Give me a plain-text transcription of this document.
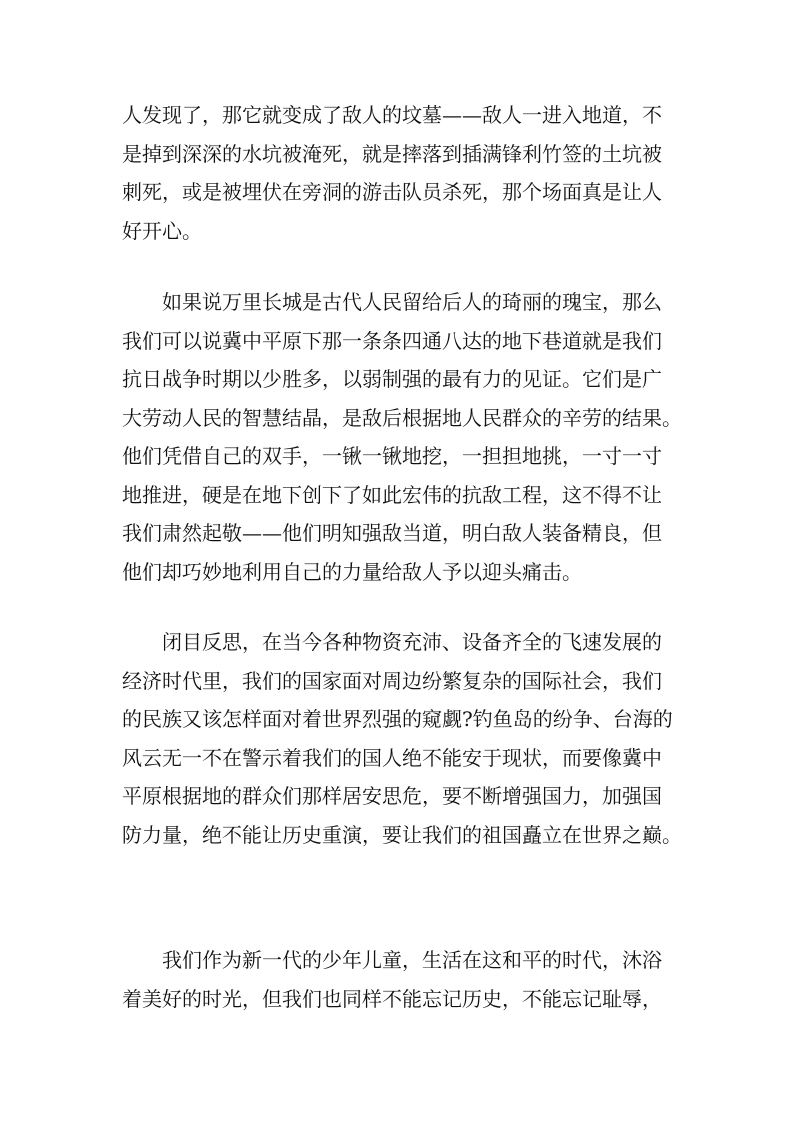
人发现了，那它就变成了敌人的坟墓——敌人一进入地道，不
是掉到深深的水坑被淹死，就是摔落到插满锋利竹签的土坑被
刺死，或是被埋伏在旁洞的游击队员杀死，那个场面真是让人
好开心。
　　如果说万里长城是古代人民留给后人的琦丽的瑰宝，那么
我们可以说冀中平原下那一条条四通八达的地下巷道就是我们
抗日战争时期以少胜多，以弱制强的最有力的见证。它们是广
大劳动人民的智慧结晶，是敌后根据地人民群众的辛劳的结果。
他们凭借自己的双手，一锹一锹地挖，一担担地挑，一寸一寸
地推进，硬是在地下创下了如此宏伟的抗敌工程，这不得不让
我们肃然起敬——他们明知强敌当道，明白敌人装备精良，但
他们却巧妙地利用自己的力量给敌人予以迎头痛击。
　　闭目反思，在当今各种物资充沛、设备齐全的飞速发展的
经济时代里，我们的国家面对周边纷繁复杂的国际社会，我们
的民族又该怎样面对着世界烈强的窥觑?钓鱼岛的纷争、台海的
风云无一不在警示着我们的国人绝不能安于现状，而要像冀中
平原根据地的群众们那样居安思危，要不断增强国力，加强国
防力量，绝不能让历史重演，要让我们的祖国矗立在世界之巅。
　　我们作为新一代的少年儿童，生活在这和平的时代，沐浴
着美好的时光，但我们也同样不能忘记历史，不能忘记耻辱，
